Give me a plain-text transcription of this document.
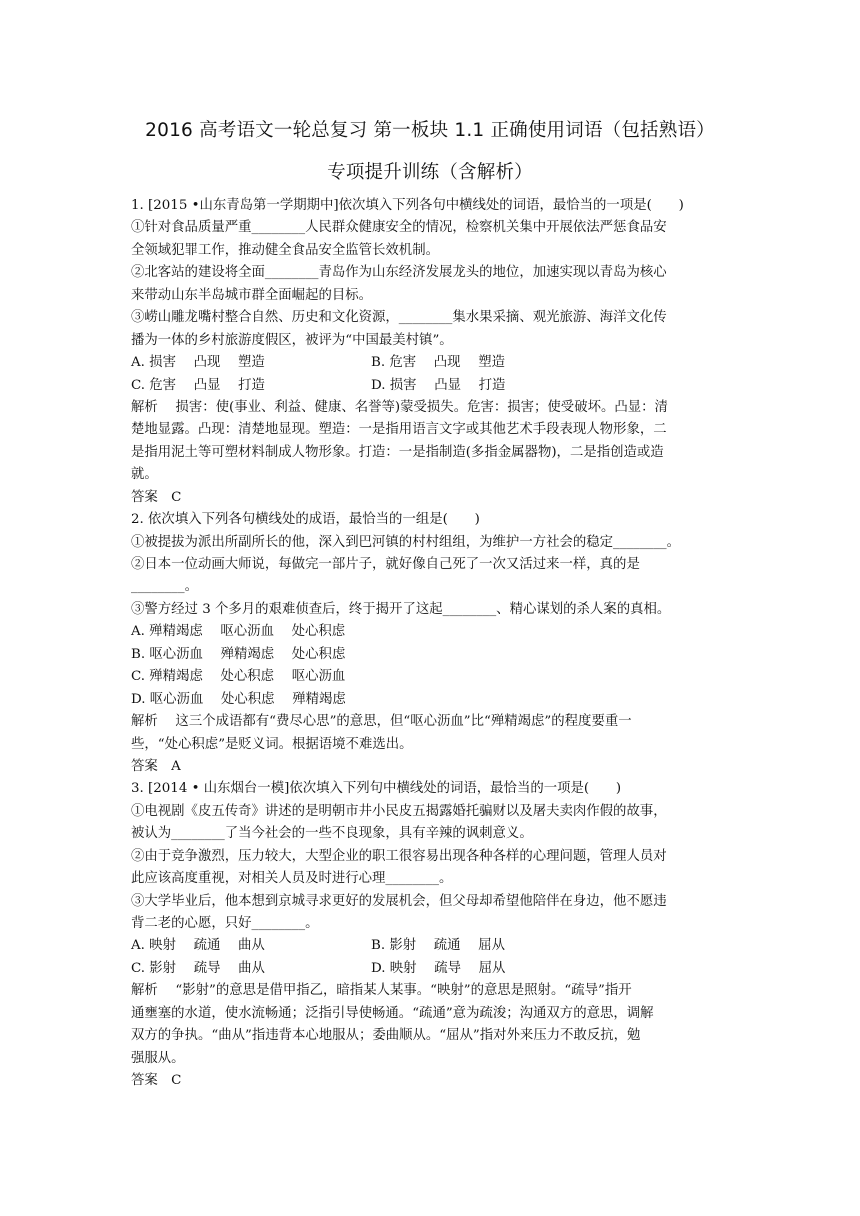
2016 高考语文一轮总复习 第一板块 1.1 正确使用词语（包括熟语）
专项提升训练（含解析）
1. [2015 •山东青岛第一学期期中]依次填入下列各句中横线处的词语，最恰当的一项是(　　)
①针对食品质量严重________人民群众健康安全的情况，检察机关集中开展依法严惩食品安
全领域犯罪工作，推动健全食品安全监管长效机制。
②北客站的建设将全面________青岛作为山东经济发展龙头的地位，加速实现以青岛为核心
来带动山东半岛城市群全面崛起的目标。
③崂山雕龙嘴村整合自然、历史和文化资源，________集水果采摘、观光旅游、海洋文化传
播为一体的乡村旅游度假区，被评为“中国最美村镇”。
A. 损害　 凸现　 塑造	B. 危害　 凸现　 塑造
C. 危害　 凸显　 打造	D. 损害　 凸显　 打造
解析　 损害：使(事业、利益、健康、名誉等)蒙受损失。危害：损害；使受破坏。凸显：清
楚地显露。凸现：清楚地显现。塑造：一是指用语言文字或其他艺术手段表现人物形象，二
是指用泥土等可塑材料制成人物形象。打造：一是指制造(多指金属器物)，二是指创造或造
就。
答案　C
2. 依次填入下列各句横线处的成语，最恰当的一组是(　　)
①被提拔为派出所副所长的他，深入到巴河镇的村村组组，为维护一方社会的稳定________。
②日本一位动画大师说，每做完一部片子，就好像自己死了一次又活过来一样，真的是
________。
③警方经过 3 个多月的艰难侦查后，终于揭开了这起________、精心谋划的杀人案的真相。
A. 殚精竭虑　 呕心沥血　 处心积虑
B. 呕心沥血　 殚精竭虑　 处心积虑
C. 殚精竭虑　 处心积虑　 呕心沥血
D. 呕心沥血　 处心积虑　 殚精竭虑
解析　 这三个成语都有“费尽心思”的意思，但“呕心沥血”比“殚精竭虑”的程度要重一
些，“处心积虑”是贬义词。根据语境不难选出。
答案　A
3. [2014 • 山东烟台一模]依次填入下列句中横线处的词语，最恰当的一项是(　　)
①电视剧《皮五传奇》讲述的是明朝市井小民皮五揭露婚托骗财以及屠夫卖肉作假的故事，
被认为________了当今社会的一些不良现象，具有辛辣的讽刺意义。
②由于竞争激烈，压力较大，大型企业的职工很容易出现各种各样的心理问题，管理人员对
此应该高度重视，对相关人员及时进行心理________。
③大学毕业后，他本想到京城寻求更好的发展机会，但父母却希望他陪伴在身边，他不愿违
背二老的心愿，只好________。
A. 映射　 疏通　 曲从	B. 影射　 疏通　 屈从
C. 影射　 疏导　 曲从	D. 映射　 疏导　 屈从
解析　 “影射”的意思是借甲指乙，暗指某人某事。“映射”的意思是照射。“疏导”指开
通壅塞的水道，使水流畅通；泛指引导使畅通。“疏通”意为疏浚；沟通双方的意思，调解
双方的争执。“曲从”指违背本心地服从；委曲顺从。“屈从”指对外来压力不敢反抗，勉
强服从。
答案　C
